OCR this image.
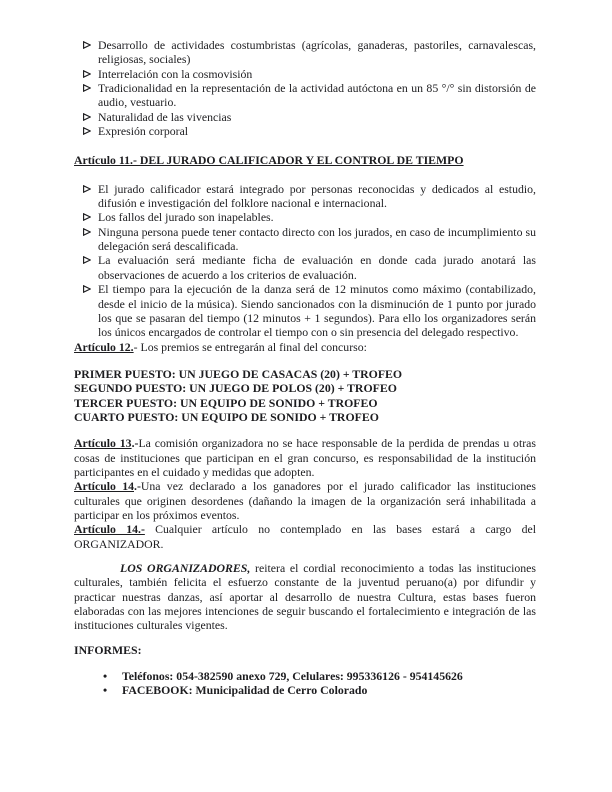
Desarrollo de actividades costumbristas (agrícolas, ganaderas, pastoriles, carnavalescas, religiosas, sociales)
Interrelación con la cosmovisión
Tradicionalidad en la representación de la actividad autóctona en un 85 °/° sin distorsión de audio, vestuario.
Naturalidad de las vivencias
Expresión corporal
Artículo 11.- DEL JURADO CALIFICADOR Y EL CONTROL DE TIEMPO
El jurado calificador estará integrado por personas reconocidas y dedicados al estudio, difusión e investigación del folklore nacional e internacional.
Los fallos del jurado son inapelables.
Ninguna persona puede tener contacto directo con los jurados, en caso de incumplimiento su delegación será descalificada.
La evaluación será mediante ficha de evaluación en donde cada jurado anotará las observaciones de acuerdo a los criterios de evaluación.
El tiempo para la ejecución de la danza será de 12 minutos como máximo (contabilizado, desde el inicio de la música). Siendo sancionados con la disminución de 1 punto por jurado los que se pasaran del tiempo (12 minutos + 1 segundos). Para ello los organizadores serán los únicos encargados de controlar el tiempo con o sin presencia del delegado respectivo.

Artículo 12.- Los premios se entregarán al final del concurso:

PRIMER PUESTO: UN JUEGO DE CASACAS (20) + TROFEO
SEGUNDO PUESTO: UN JUEGO DE POLOS (20) + TROFEO
TERCER PUESTO: UN EQUIPO DE SONIDO + TROFEO
CUARTO PUESTO: UN EQUIPO DE SONIDO + TROFEO

Artículo 13.-La comisión organizadora no se hace responsable de la perdida de prendas u otras cosas de instituciones que participan en el gran concurso, es responsabilidad de la institución participantes en el cuidado y medidas que adopten.

Artículo 14.-Una vez declarado a los ganadores por el jurado calificador las instituciones culturales que originen desordenes (dañando la imagen de la organización será inhabilitada a participar en los próximos eventos.

Artículo 14.- Cualquier artículo no contemplado en las bases estará a cargo del ORGANIZADOR.

LOS ORGANIZADORES, reitera el cordial reconocimiento a todas las instituciones culturales, también felicita el esfuerzo constante de la juventud peruano(a) por difundir y practicar nuestras danzas, así aportar al desarrollo de nuestra Cultura, estas bases fueron elaboradas con las mejores intenciones de seguir buscando el fortalecimiento e integración de las instituciones culturales vigentes.

INFORMES:

• Teléfonos: 054-382590 anexo 729, Celulares: 995336126 - 954145626
• FACEBOOK: Municipalidad de Cerro Colorado
